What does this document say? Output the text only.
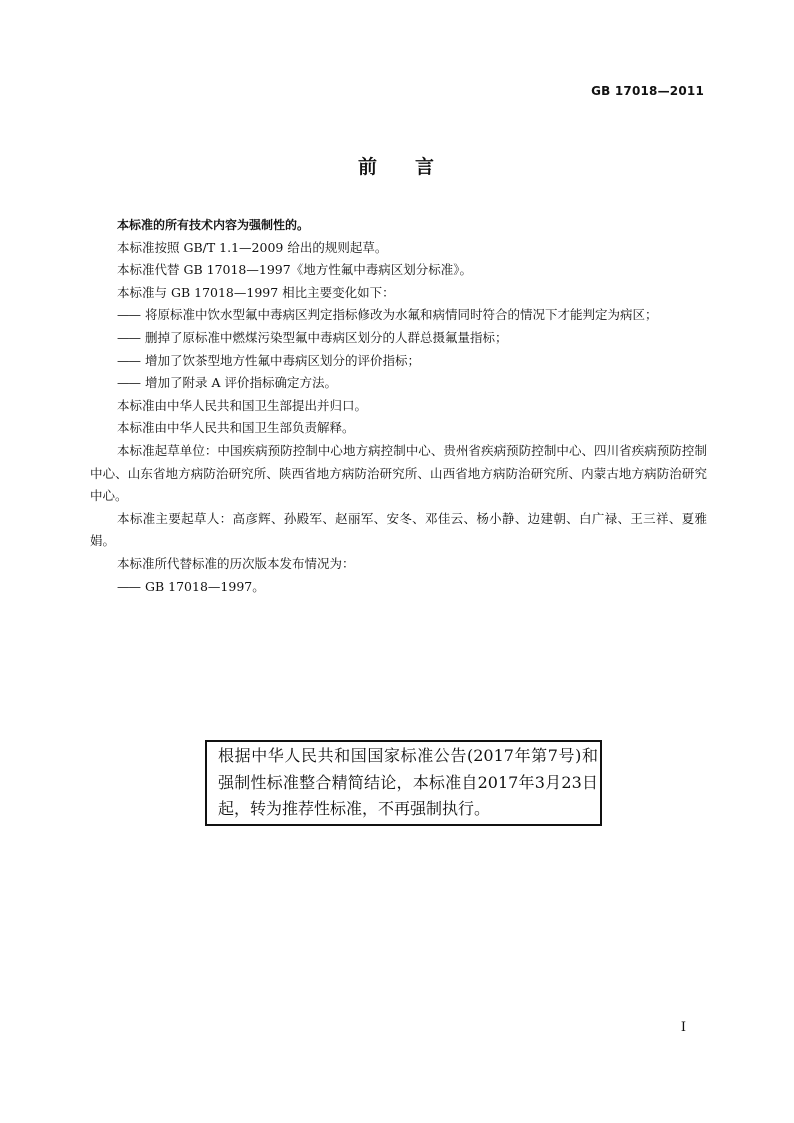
GB 17018—2011
前 言

本标准的所有技术内容为强制性的。

本标准按照 GB/T 1.1—2009 给出的规则起草。

本标准代替 GB 17018—1997《地方性氟中毒病区划分标准》。

本标准与 GB 17018—1997 相比主要变化如下：

—— 将原标准中饮水型氟中毒病区判定指标修改为水氟和病情同时符合的情况下才能判定为病区；

—— 删掉了原标准中燃煤污染型氟中毒病区划分的人群总摄氟量指标；

—— 增加了饮茶型地方性氟中毒病区划分的评价指标；

—— 增加了附录 A 评价指标确定方法。

本标准由中华人民共和国卫生部提出并归口。

本标准由中华人民共和国卫生部负责解释。

本标准起草单位：中国疾病预防控制中心地方病控制中心、贵州省疾病预防控制中心、四川省疾病预防控制中心、山东省地方病防治研究所、陕西省地方病防治研究所、山西省地方病防治研究所、内蒙古地方病防治研究中心。

本标准主要起草人：高彦辉、孙殿军、赵丽军、安冬、邓佳云、杨小静、边建朝、白广禄、王三祥、夏雅娟。

本标准所代替标准的历次版本发布情况为：

—— GB 17018—1997。

根据中华人民共和国国家标准公告(2017年第7号)和强制性标准整合精简结论，本标准自2017年3月23日起，转为推荐性标准，不再强制执行。
I
